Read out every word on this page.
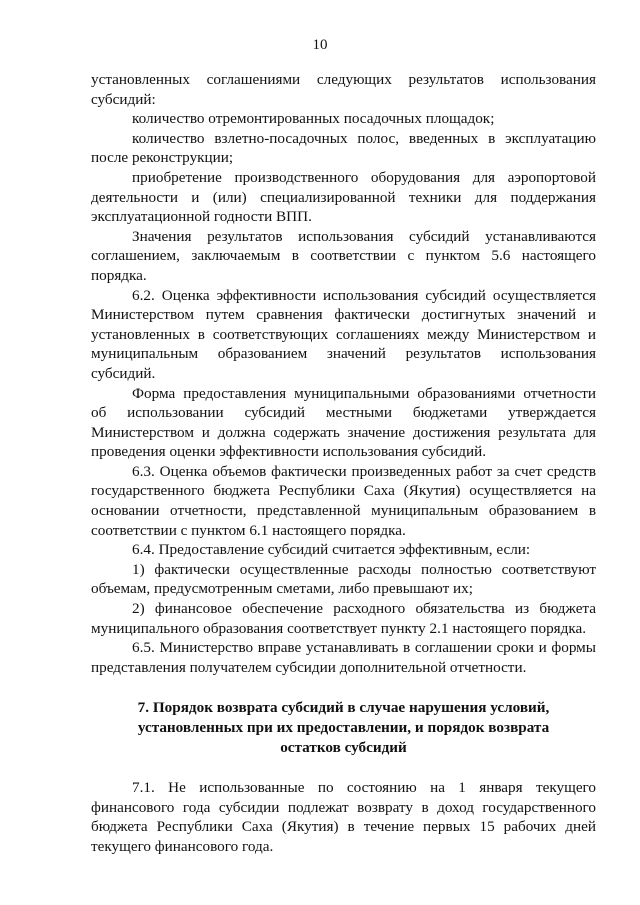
10

установленных соглашениями следующих результатов использования субсидий:

количество отремонтированных посадочных площадок;

количество взлетно-посадочных полос, введенных в эксплуатацию после реконструкции;

приобретение производственного оборудования для аэропортовой деятельности и (или) специализированной техники для поддержания эксплуатационной годности ВПП.

Значения результатов использования субсидий устанавливаются соглашением, заключаемым в соответствии с пунктом 5.6 настоящего порядка.

6.2. Оценка эффективности использования субсидий осуществляется Министерством путем сравнения фактически достигнутых значений и установленных в соответствующих соглашениях между Министерством и муниципальным образованием значений результатов использования субсидий.

Форма предоставления муниципальными образованиями отчетности об использовании субсидий местными бюджетами утверждается Министерством и должна содержать значение достижения результата для проведения оценки эффективности использования субсидий.

6.3. Оценка объемов фактически произведенных работ за счет средств государственного бюджета Республики Саха (Якутия) осуществляется на основании отчетности, представленной муниципальным образованием в соответствии с пунктом 6.1 настоящего порядка.

6.4. Предоставление субсидий считается эффективным, если:

1) фактически осуществленные расходы полностью соответствуют объемам, предусмотренным сметами, либо превышают их;

2) финансовое обеспечение расходного обязательства из бюджета муниципального образования соответствует пункту 2.1 настоящего порядка.

6.5. Министерство вправе устанавливать в соглашении сроки и формы представления получателем субсидии дополнительной отчетности.

7. Порядок возврата субсидий в случае нарушения условий,
установленных при их предоставлении, и порядок возврата
остатков субсидий

7.1. Не использованные по состоянию на 1 января текущего финансового года субсидии подлежат возврату в доход государственного бюджета Республики Саха (Якутия) в течение первых 15 рабочих дней текущего финансового года.
